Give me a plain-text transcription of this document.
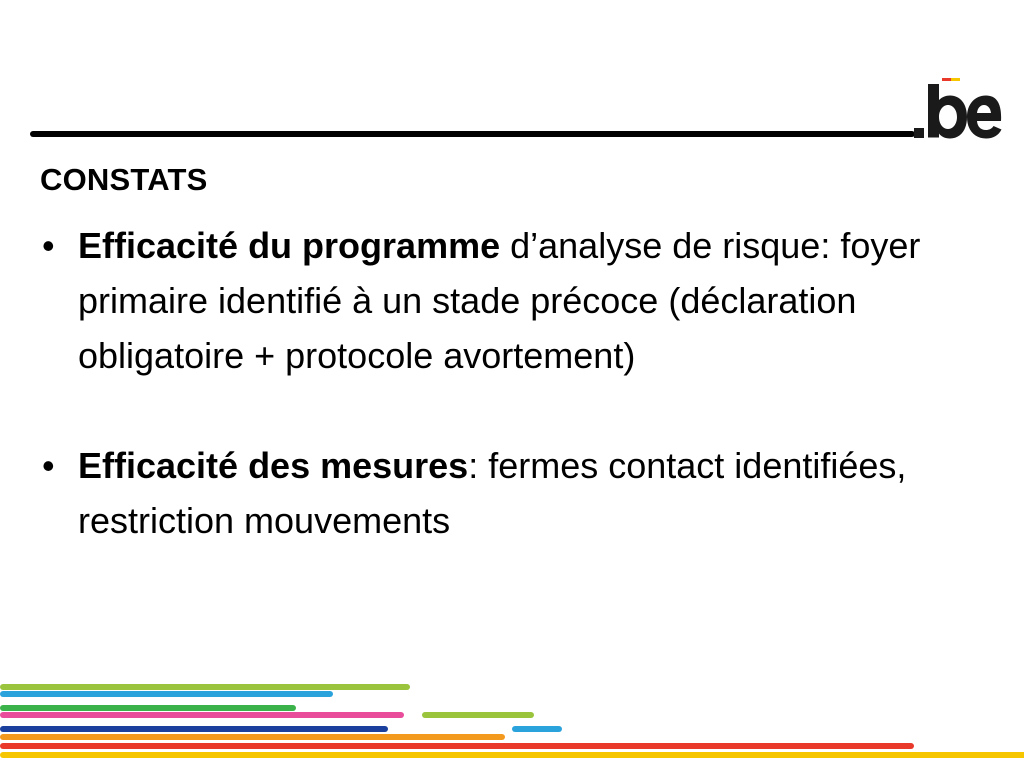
CONSTATS
• Efficacité du programme d’analyse de risque: foyer primaire identifié à un stade précoce (déclaration obligatoire + protocole avortement)
• Efficacité des mesures: fermes contact identifiées, restriction mouvements
